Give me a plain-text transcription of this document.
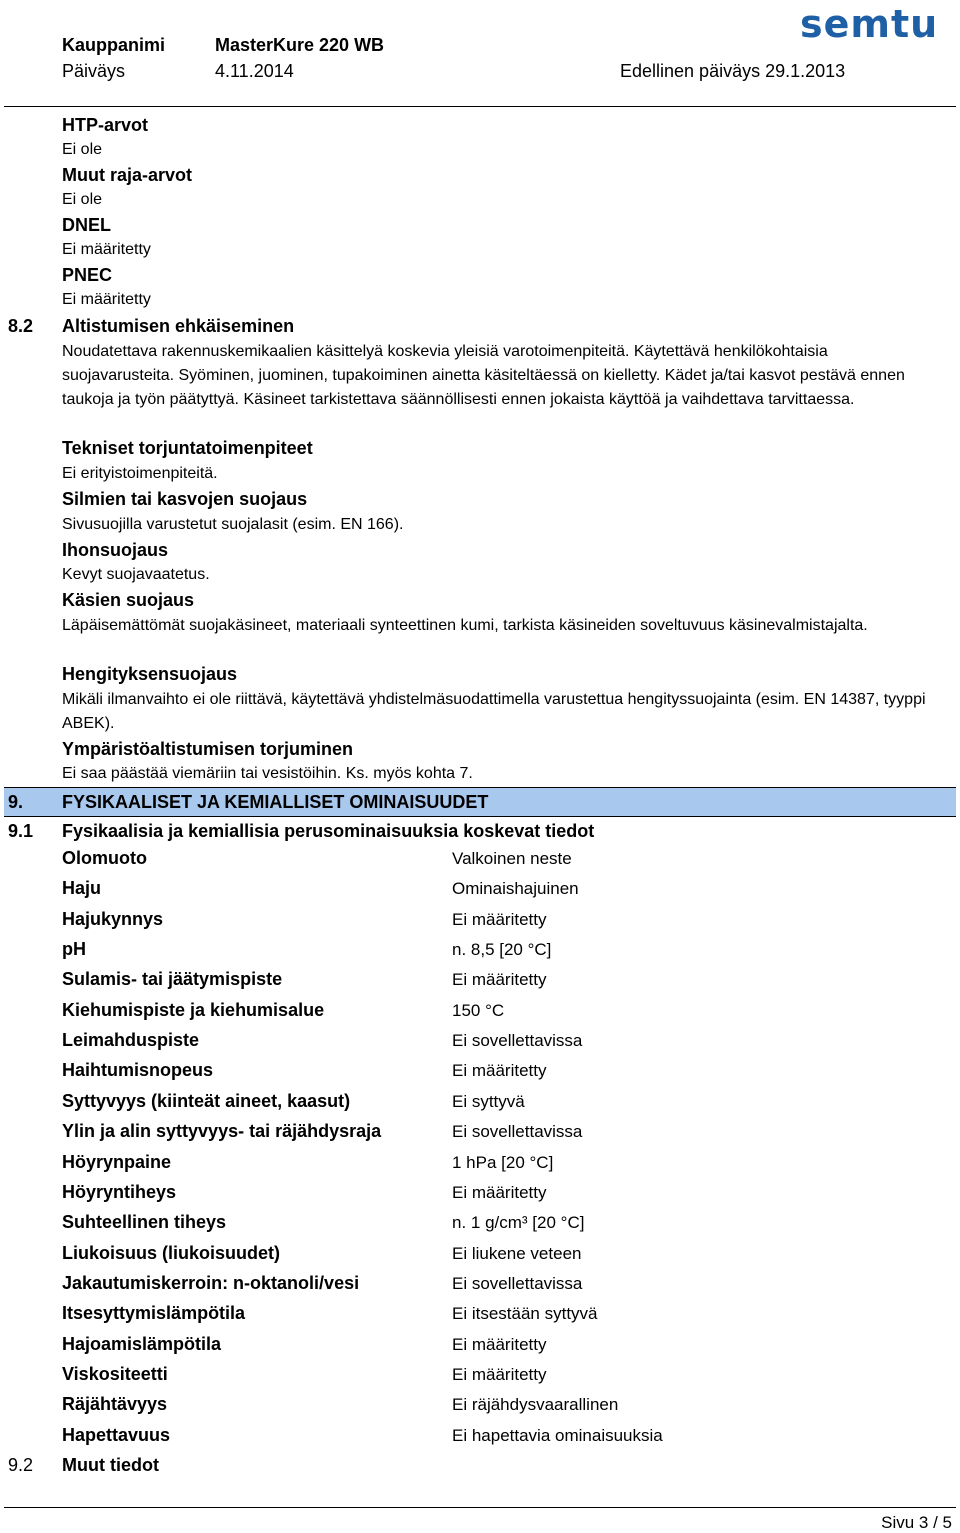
Kauppanimi	MasterKure 220 WB
Päiväys	4.11.2014	Edellinen päiväys 29.1.2013
semtu
HTP-arvot
Ei ole
Muut raja-arvot
Ei ole
DNEL
Ei määritetty
PNEC
Ei määritetty
8.2 Altistumisen ehkäiseminen
Noudatettava rakennuskemikaalien käsittelyä koskevia yleisiä varotoimenpiteitä. Käytettävä henkilökohtaisia suojavarusteita. Syöminen, juominen, tupakoiminen ainetta käsiteltäessä on kielletty. Kädet ja/tai kasvot pestävä ennen taukoja ja työn päätyttyä. Käsineet tarkistettava säännöllisesti ennen jokaista käyttöä ja vaihdettava tarvittaessa.
Tekniset torjuntatoimenpiteet
Ei erityistoimenpiteitä.
Silmien tai kasvojen suojaus
Sivusuojilla varustetut suojalasit (esim. EN 166).
Ihonsuojaus
Kevyt suojavaatetus.
Käsien suojaus
Läpäisemättömät suojakäsineet, materiaali synteettinen kumi, tarkista käsineiden soveltuvuus käsinevalmistajalta.
Hengityksensuojaus
Mikäli ilmanvaihto ei ole riittävä, käytettävä yhdistelmäsuodattimella varustettua hengityssuojainta (esim. EN 14387, tyyppi ABEK).
Ympäristöaltistumisen torjuminen
Ei saa päästää viemäriin tai vesistöihin. Ks. myös kohta 7.
9. FYSIKAALISET JA KEMIALLISET OMINAISUUDET
9.1 Fysikaalisia ja kemiallisia perusominaisuuksia koskevat tiedot
Olomuoto	Valkoinen neste
Haju	Ominaishajuinen
Hajukynnys	Ei määritetty
pH	n. 8,5 [20 °C]
Sulamis- tai jäätymispiste	Ei määritetty
Kiehumispiste ja kiehumisalue	150 °C
Leimahduspiste	Ei sovellettavissa
Haihtumisnopeus	Ei määritetty
Syttyvyys (kiinteät aineet, kaasut)	Ei syttyvä
Ylin ja alin syttyvyys- tai räjähdysraja	Ei sovellettavissa
Höyrynpaine	1 hPa [20 °C]
Höyryntiheys	Ei määritetty
Suhteellinen tiheys	n. 1 g/cm³ [20 °C]
Liukoisuus (liukoisuudet)	Ei liukene veteen
Jakautumiskerroin: n-oktanoli/vesi	Ei sovellettavissa
Itsesyttymislämpötila	Ei itsestään syttyvä
Hajoamislämpötila	Ei määritetty
Viskositeetti	Ei määritetty
Räjähtävyys	Ei räjähdysvaarallinen
Hapettavuus	Ei hapettavia ominaisuuksia
9.2 Muut tiedot
Sivu 3 / 5
